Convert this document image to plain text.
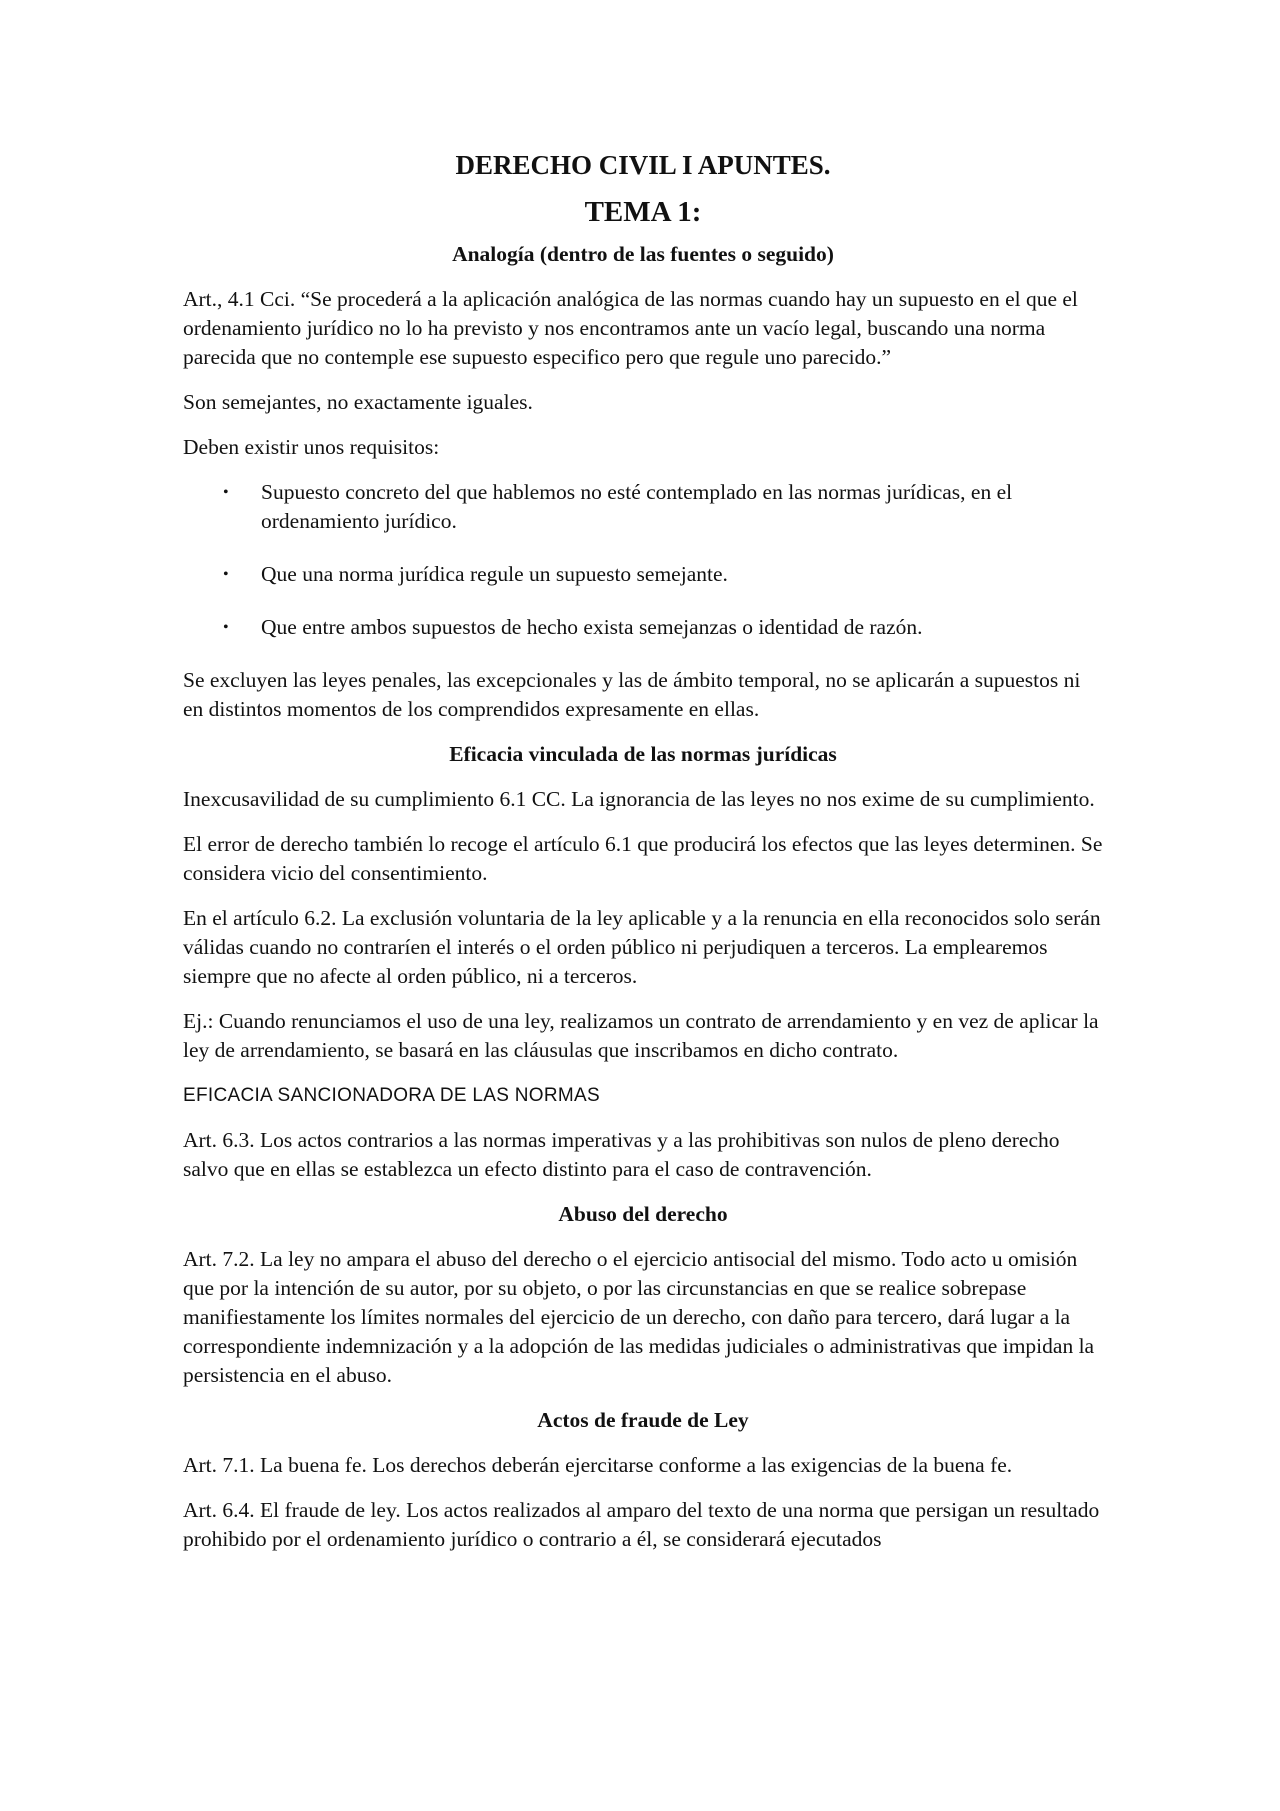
DERECHO CIVIL I APUNTES.
TEMA 1:
Analogía (dentro de las fuentes o seguido)

Art., 4.1 Cci. “Se procederá a la aplicación analógica de las normas cuando hay un supuesto en el que el ordenamiento jurídico no lo ha previsto y nos encontramos ante un vacío legal, buscando una norma parecida que no contemple ese supuesto especifico pero que regule uno parecido.”

Son semejantes, no exactamente iguales.

Deben existir unos requisitos:

• Supuesto concreto del que hablemos no esté contemplado en las normas jurídicas, en el ordenamiento jurídico.
• Que una norma jurídica regule un supuesto semejante.
• Que entre ambos supuestos de hecho exista semejanzas o identidad de razón.

Se excluyen las leyes penales, las excepcionales y las de ámbito temporal, no se aplicarán a supuestos ni en distintos momentos de los comprendidos expresamente en ellas.

Eficacia vinculada de las normas jurídicas

Inexcusavilidad de su cumplimiento 6.1 CC. La ignorancia de las leyes no nos exime de su cumplimiento.

El error de derecho también lo recoge el artículo 6.1 que producirá los efectos que las leyes determinen. Se considera vicio del consentimiento.

En el artículo 6.2. La exclusión voluntaria de la ley aplicable y a la renuncia en ella reconocidos solo serán válidas cuando no contraríen el interés o el orden público ni perjudiquen a terceros. La emplearemos siempre que no afecte al orden público, ni a terceros.

Ej.: Cuando renunciamos el uso de una ley, realizamos un contrato de arrendamiento y en vez de aplicar la ley de arrendamiento, se basará en las cláusulas que inscribamos en dicho contrato.

EFICACIA SANCIONADORA DE LAS NORMAS

Art. 6.3. Los actos contrarios a las normas imperativas y a las prohibitivas son nulos de pleno derecho salvo que en ellas se establezca un efecto distinto para el caso de contravención.

Abuso del derecho

Art. 7.2. La ley no ampara el abuso del derecho o el ejercicio antisocial del mismo. Todo acto u omisión que por la intención de su autor, por su objeto, o por las circunstancias en que se realice sobrepase manifiestamente los límites normales del ejercicio de un derecho, con daño para tercero, dará lugar a la correspondiente indemnización y a la adopción de las medidas judiciales o administrativas que impidan la persistencia en el abuso.

Actos de fraude de Ley

Art. 7.1. La buena fe. Los derechos deberán ejercitarse conforme a las exigencias de la buena fe.

Art. 6.4. El fraude de ley. Los actos realizados al amparo del texto de una norma que persigan un resultado prohibido por el ordenamiento jurídico o contrario a él, se considerará ejecutados
